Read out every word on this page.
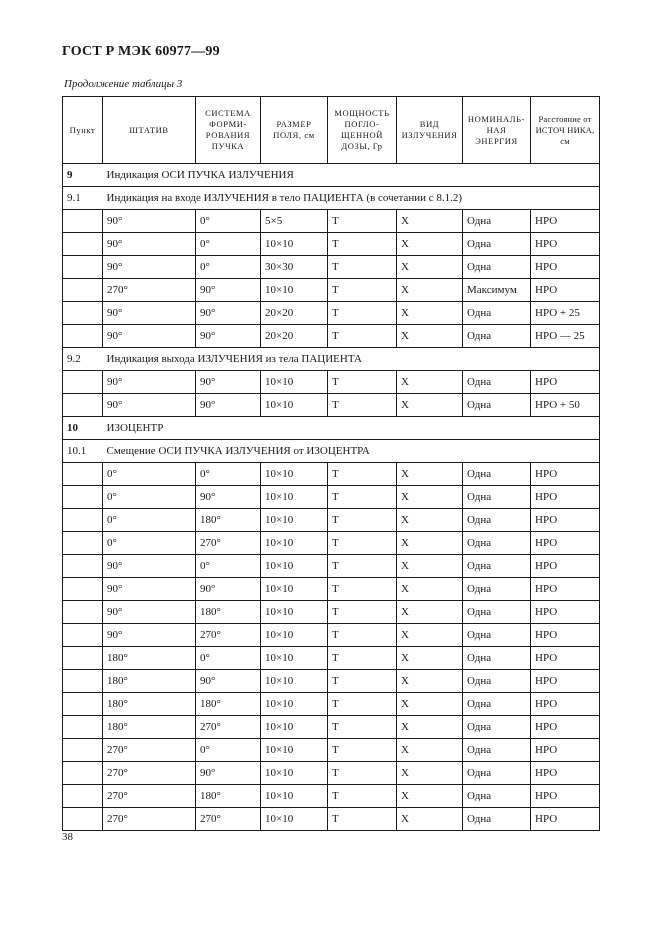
ГОСТ Р МЭК 60977—99
Продолжение таблицы 3
Пункт	ШТАТИВ	СИСТЕМА ФОРМИ-РОВАНИЯ ПУЧКА	РАЗМЕР ПОЛЯ, см	МОЩНОСТЬ ПОГЛО-ЩЕННОЙ ДОЗЫ, Гр	ВИД ИЗЛУЧЕНИЯ	НОМИНАЛЬ-НАЯ ЭНЕРГИЯ	Расстояние от ИСТОЧ НИКА, см
9	Индикация ОСИ ПУЧКА ИЗЛУЧЕНИЯ						
9.1	Индикация на входе ИЗЛУЧЕНИЯ в тело ПАЦИЕНТА (в сочетании с 8.1.2)						
	90°	0°	5×5	T	X	Одна	НРО
	90°	0°	10×10	T	X	Одна	НРО
	90°	0°	30×30	T	X	Одна	НРО
	270°	90°	10×10	T	X	Максимум	НРО
	90°	90°	20×20	T	X	Одна	НРО + 25
	90°	90°	20×20	T	X	Одна	НРО — 25
9.2	Индикация выхода ИЗЛУЧЕНИЯ из тела ПАЦИЕНТА						
	90°	90°	10×10	T	X	Одна	НРО
	90°	90°	10×10	T	X	Одна	НРО + 50
10	ИЗОЦЕНТР						
10.1	Смещение ОСИ ПУЧКА ИЗЛУЧЕНИЯ от ИЗОЦЕНТРА						
	0°	0°	10×10	T	X	Одна	НРО
	0°	90°	10×10	T	X	Одна	НРО
	0°	180°	10×10	T	X	Одна	НРО
	0°	270°	10×10	T	X	Одна	НРО
	90°	0°	10×10	T	X	Одна	НРО
	90°	90°	10×10	T	X	Одна	НРО
	90°	180°	10×10	T	X	Одна	НРО
	90°	270°	10×10	T	X	Одна	НРО
	180°	0°	10×10	T	X	Одна	НРО
	180°	90°	10×10	T	X	Одна	НРО
	180°	180°	10×10	T	X	Одна	НРО
	180°	270°	10×10	T	X	Одна	НРО
	270°	0°	10×10	T	X	Одна	НРО
	270°	90°	10×10	T	X	Одна	НРО
	270°	180°	10×10	T	X	Одна	НРО
	270°	270°	10×10	T	X	Одна	НРО
38
